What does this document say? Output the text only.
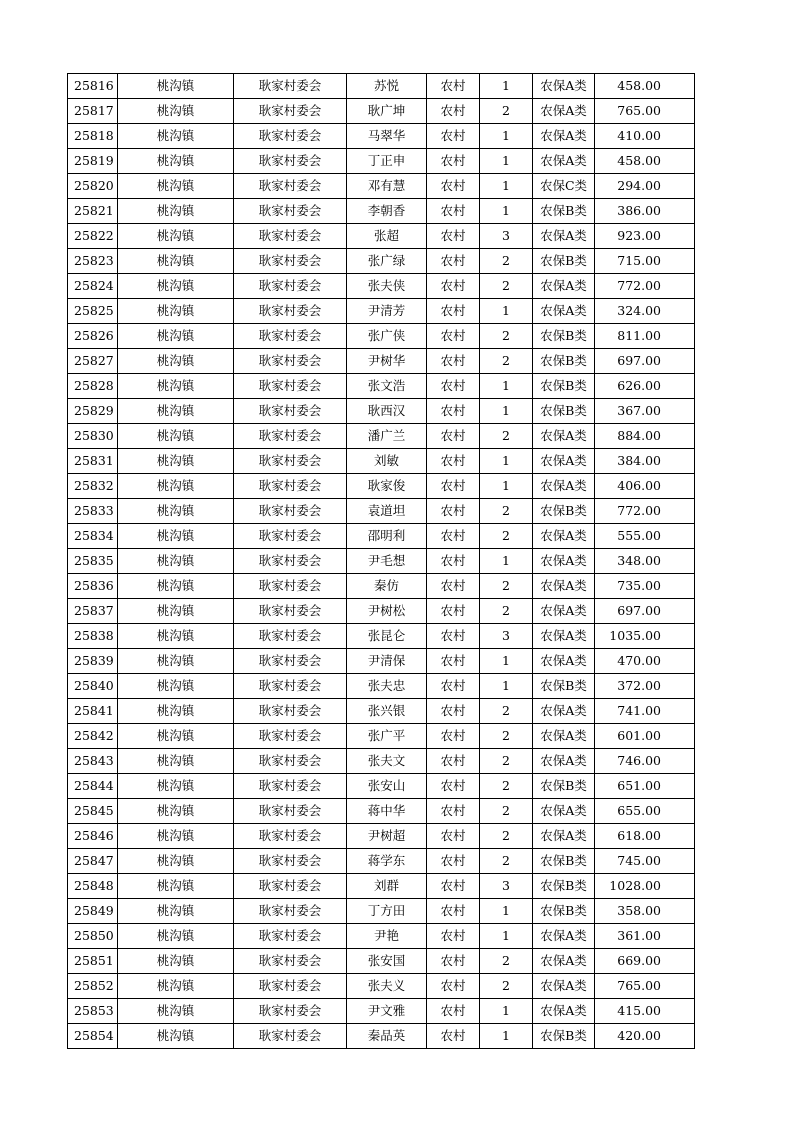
25816	桃沟镇	耿家村委会	苏悦	农村	1	农保A类	458.00
25817	桃沟镇	耿家村委会	耿广坤	农村	2	农保A类	765.00
25818	桃沟镇	耿家村委会	马翠华	农村	1	农保A类	410.00
25819	桃沟镇	耿家村委会	丁正申	农村	1	农保A类	458.00
25820	桃沟镇	耿家村委会	邓有慧	农村	1	农保C类	294.00
25821	桃沟镇	耿家村委会	李朝香	农村	1	农保B类	386.00
25822	桃沟镇	耿家村委会	张超	农村	3	农保A类	923.00
25823	桃沟镇	耿家村委会	张广绿	农村	2	农保B类	715.00
25824	桃沟镇	耿家村委会	张夫侠	农村	2	农保A类	772.00
25825	桃沟镇	耿家村委会	尹清芳	农村	1	农保A类	324.00
25826	桃沟镇	耿家村委会	张广侠	农村	2	农保B类	811.00
25827	桃沟镇	耿家村委会	尹树华	农村	2	农保B类	697.00
25828	桃沟镇	耿家村委会	张文浩	农村	1	农保B类	626.00
25829	桃沟镇	耿家村委会	耿西汉	农村	1	农保B类	367.00
25830	桃沟镇	耿家村委会	潘广兰	农村	2	农保A类	884.00
25831	桃沟镇	耿家村委会	刘敏	农村	1	农保A类	384.00
25832	桃沟镇	耿家村委会	耿家俊	农村	1	农保A类	406.00
25833	桃沟镇	耿家村委会	袁道坦	农村	2	农保B类	772.00
25834	桃沟镇	耿家村委会	邵明利	农村	2	农保A类	555.00
25835	桃沟镇	耿家村委会	尹毛想	农村	1	农保A类	348.00
25836	桃沟镇	耿家村委会	秦仿	农村	2	农保A类	735.00
25837	桃沟镇	耿家村委会	尹树松	农村	2	农保A类	697.00
25838	桃沟镇	耿家村委会	张昆仑	农村	3	农保A类	1035.00
25839	桃沟镇	耿家村委会	尹清保	农村	1	农保A类	470.00
25840	桃沟镇	耿家村委会	张夫忠	农村	1	农保B类	372.00
25841	桃沟镇	耿家村委会	张兴银	农村	2	农保A类	741.00
25842	桃沟镇	耿家村委会	张广平	农村	2	农保A类	601.00
25843	桃沟镇	耿家村委会	张夫文	农村	2	农保A类	746.00
25844	桃沟镇	耿家村委会	张安山	农村	2	农保B类	651.00
25845	桃沟镇	耿家村委会	蒋中华	农村	2	农保A类	655.00
25846	桃沟镇	耿家村委会	尹树超	农村	2	农保A类	618.00
25847	桃沟镇	耿家村委会	蒋学东	农村	2	农保B类	745.00
25848	桃沟镇	耿家村委会	刘群	农村	3	农保B类	1028.00
25849	桃沟镇	耿家村委会	丁方田	农村	1	农保B类	358.00
25850	桃沟镇	耿家村委会	尹艳	农村	1	农保A类	361.00
25851	桃沟镇	耿家村委会	张安国	农村	2	农保A类	669.00
25852	桃沟镇	耿家村委会	张夫义	农村	2	农保A类	765.00
25853	桃沟镇	耿家村委会	尹文雅	农村	1	农保A类	415.00
25854	桃沟镇	耿家村委会	秦品英	农村	1	农保B类	420.00
